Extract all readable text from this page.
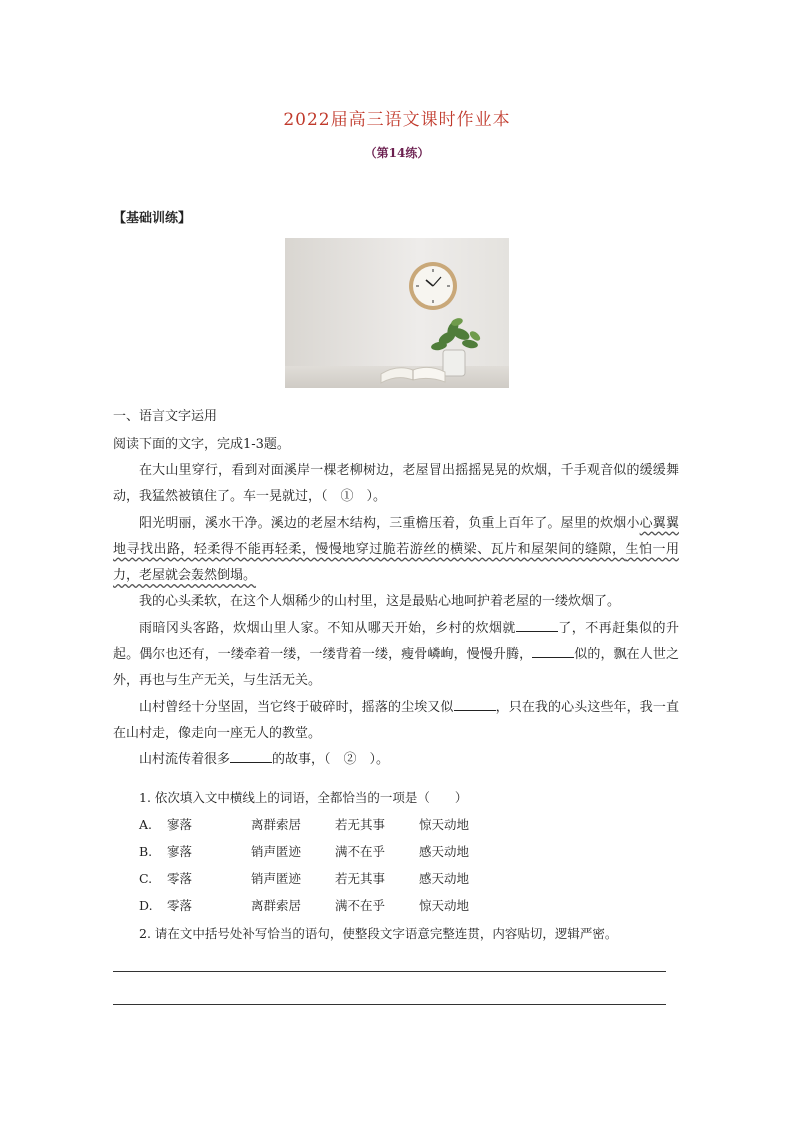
2022届高三语文课时作业本
（第14练）
【基础训练】
一、语言文字运用
阅读下面的文字，完成1-3题。

在大山里穿行，看到对面溪岸一棵老柳树边，老屋冒出摇摇晃晃的炊烟，千手观音似的缓缓舞动，我猛然被镇住了。车一晃就过，（　①　）。

阳光明丽，溪水干净。溪边的老屋木结构，三重檐压着，负重上百年了。屋里的炊烟小心翼翼地寻找出路，轻柔得不能再轻柔，慢慢地穿过脆若游丝的横梁、瓦片和屋架间的缝隙，生怕一用力，老屋就会轰然倒塌。

我的心头柔软，在这个人烟稀少的山村里，这是最贴心地呵护着老屋的一缕炊烟了。

雨暗冈头客路，炊烟山里人家。不知从哪天开始，乡村的炊烟就	了，不再赶集似的升起。偶尔也还有，一缕牵着一缕，一缕背着一缕，瘦骨嶙峋，慢慢升腾，	似的，飘在人世之外，再也与生产无关，与生活无关。

山村曾经十分坚固，当它终于破碎时，摇落的尘埃又似	，只在我的心头这些年，我一直在山村走，像走向一座无人的教堂。

山村流传着很多	的故事，（　②　）。

1. 依次填入文中横线上的词语，全都恰当的一项是（　　）
A. 寥落	离群索居	若无其事	惊天动地
B. 寥落	销声匿迹	满不在乎	感天动地
C. 零落	销声匿迹	若无其事	感天动地
D. 零落	离群索居	满不在乎	惊天动地
2. 请在文中括号处补写恰当的语句，使整段文字语意完整连贯，内容贴切，逻辑严密。
